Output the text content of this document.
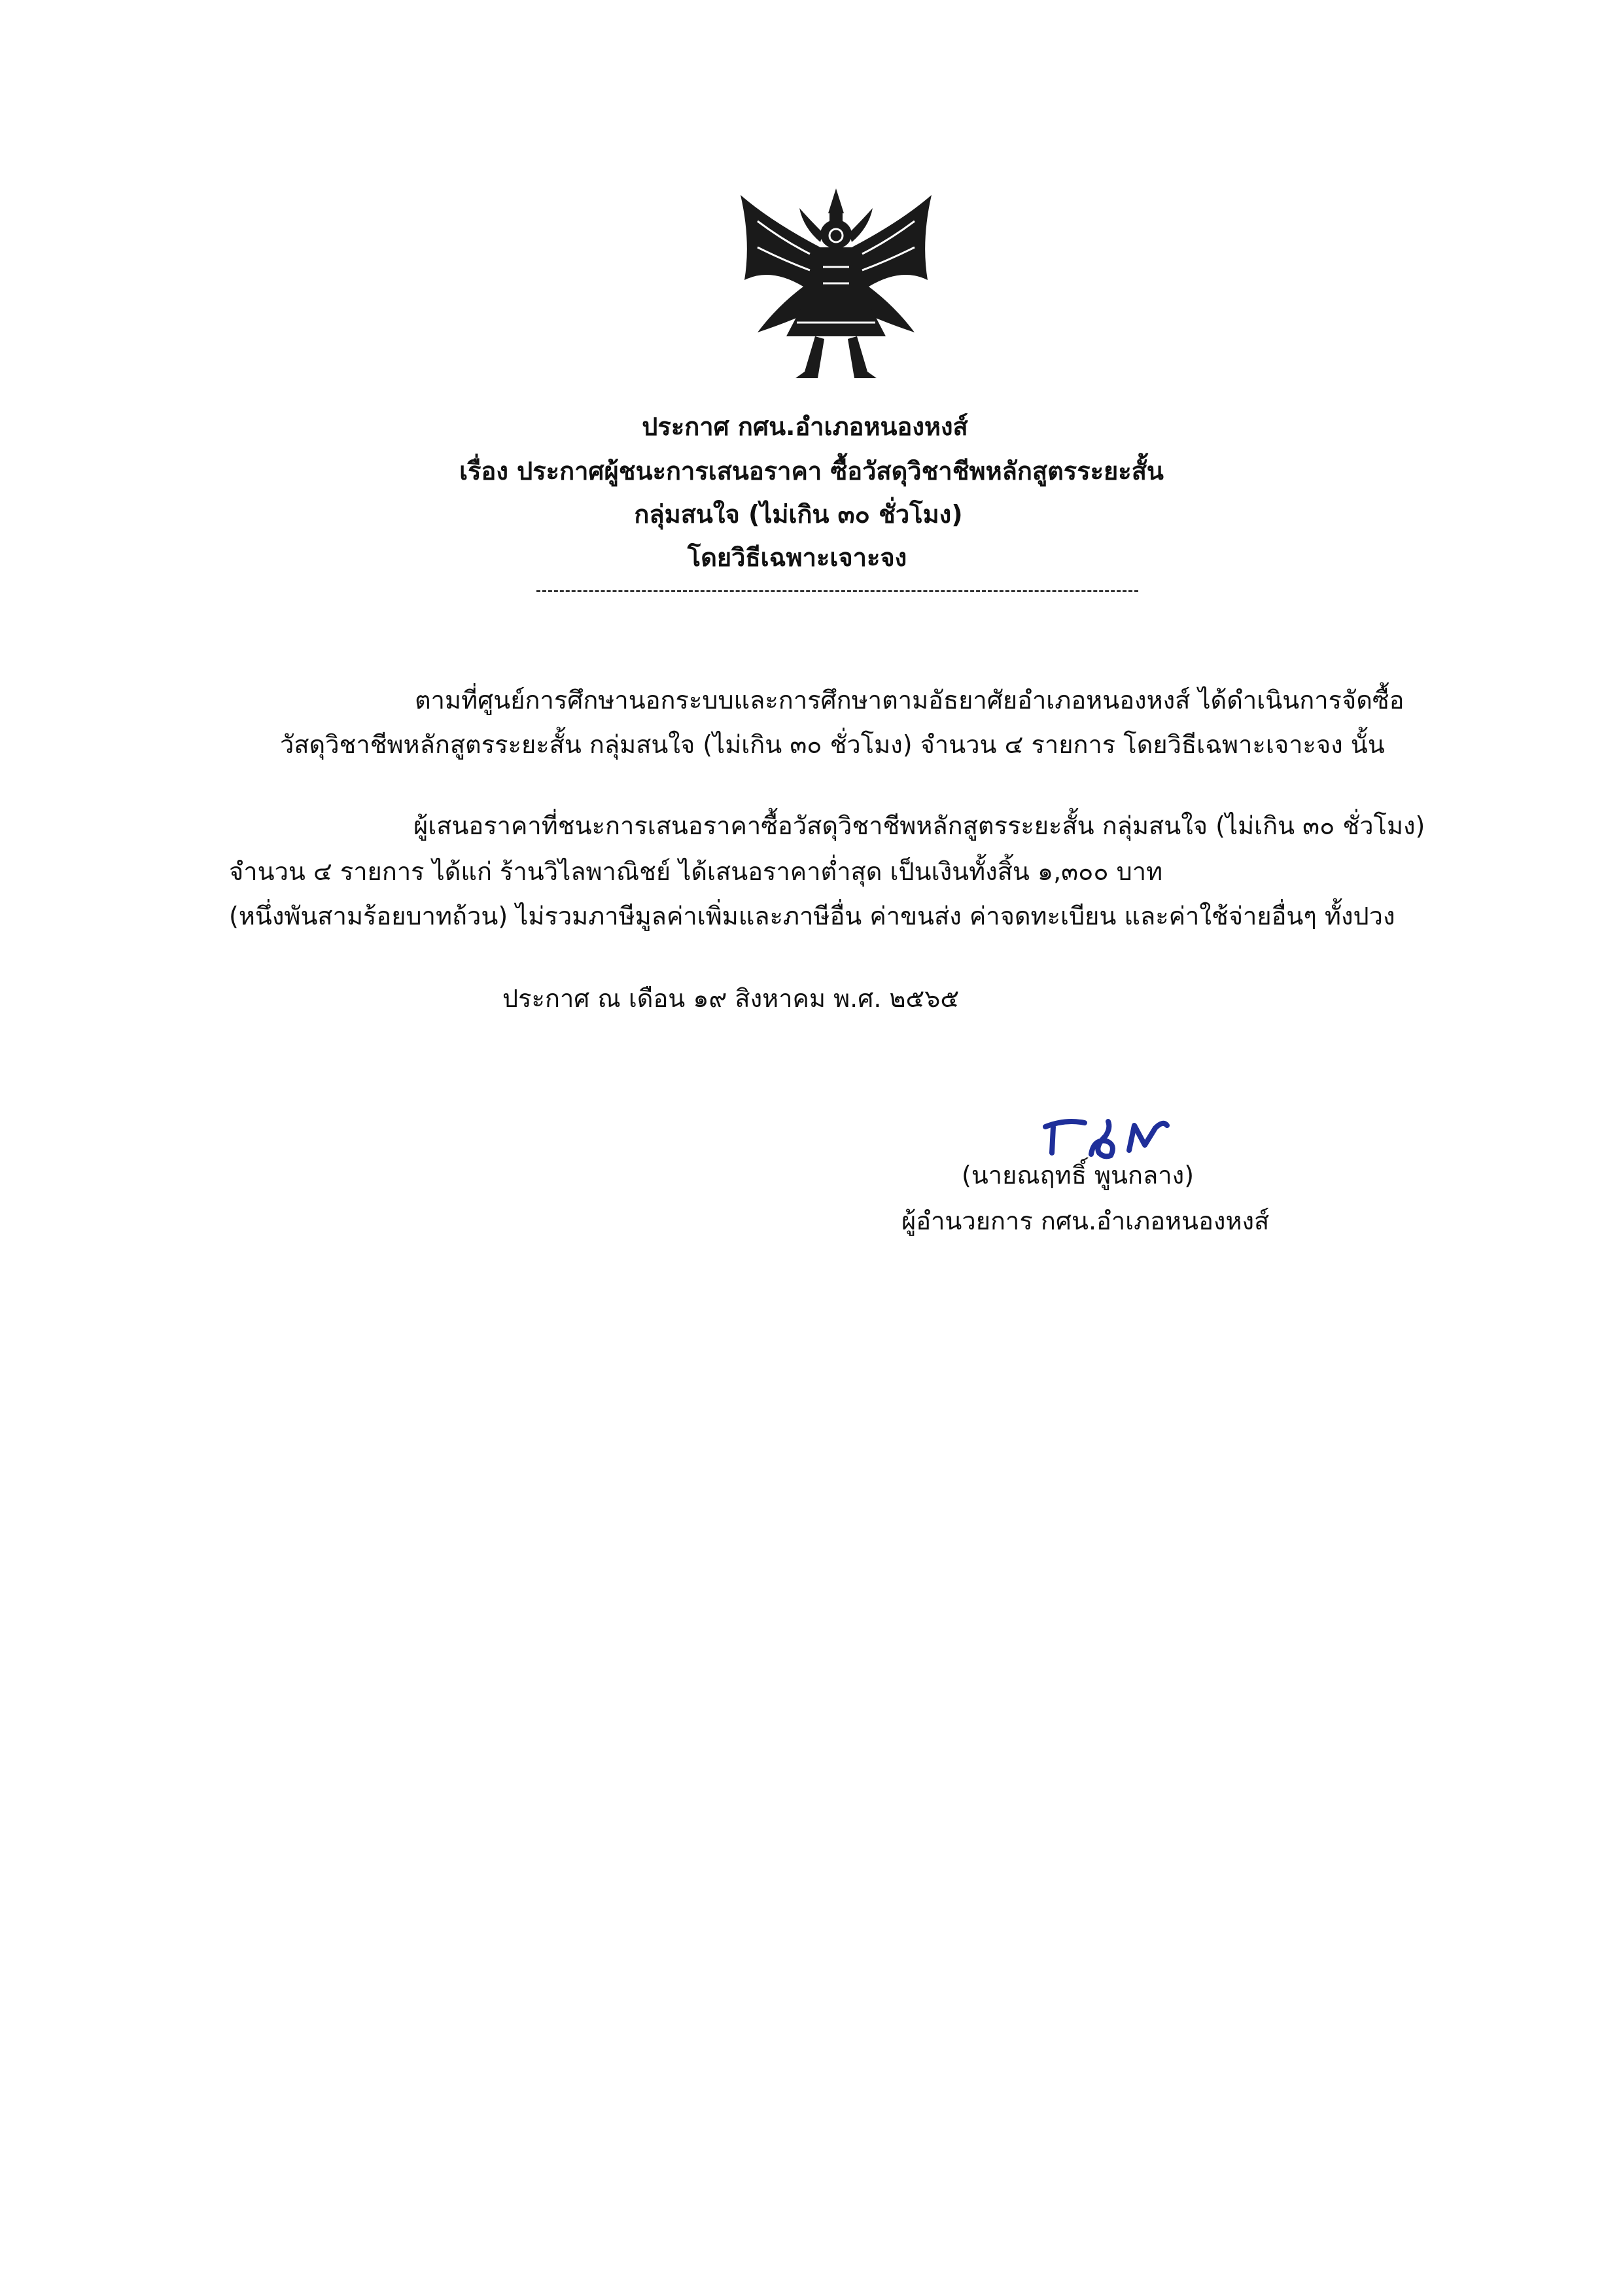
ประกาศ กศน.อำเภอหนองหงส์
เรื่อง ประกาศผู้ชนะการเสนอราคา ซื้อวัสดุวิชาชีพหลักสูตรระยะสั้น
กลุ่มสนใจ (ไม่เกิน ๓๐ ชั่วโมง)
โดยวิธีเฉพาะเจาะจง
ตามที่ศูนย์การศึกษานอกระบบและการศึกษาตามอัธยาศัยอำเภอหนองหงส์ ได้ดำเนินการจัดซื้อ
วัสดุวิชาชีพหลักสูตรระยะสั้น กลุ่มสนใจ (ไม่เกิน ๓๐ ชั่วโมง) จำนวน ๔ รายการ โดยวิธีเฉพาะเจาะจง นั้น
ผู้เสนอราคาที่ชนะการเสนอราคาซื้อวัสดุวิชาชีพหลักสูตรระยะสั้น กลุ่มสนใจ (ไม่เกิน ๓๐ ชั่วโมง)
จำนวน ๔ รายการ ได้แก่ ร้านวิไลพาณิชย์ ได้เสนอราคาต่ำสุด เป็นเงินทั้งสิ้น ๑,๓๐๐ บาท
(หนึ่งพันสามร้อยบาทถ้วน) ไม่รวมภาษีมูลค่าเพิ่มและภาษีอื่น ค่าขนส่ง ค่าจดทะเบียน และค่าใช้จ่ายอื่นๆ ทั้งปวง
ประกาศ ณ เดือน ๑๙ สิงหาคม พ.ศ. ๒๕๖๕
(นายณฤทธิ์ พูนกลาง)
ผู้อำนวยการ กศน.อำเภอหนองหงส์
